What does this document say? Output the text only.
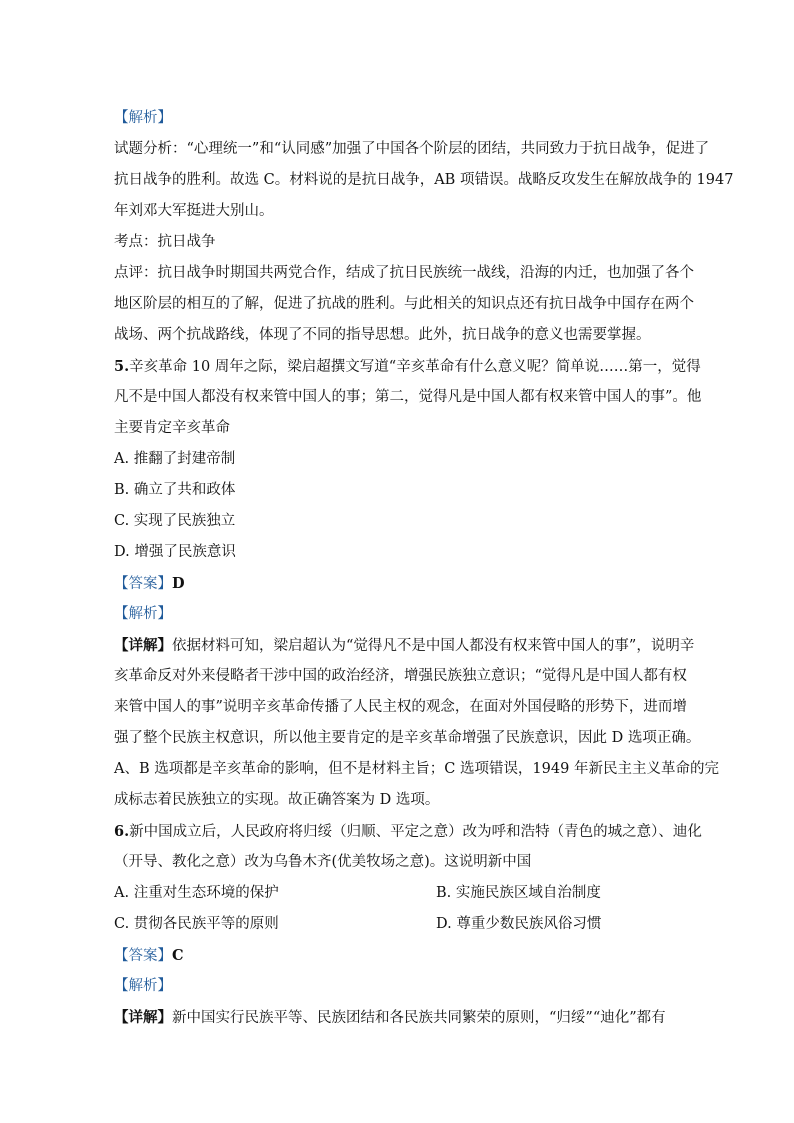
【解析】

试题分析：“心理统一”和“认同感”加强了中国各个阶层的团结，共同致力于抗日战争，促进了

抗日战争的胜利。故选 C。材料说的是抗日战争，AB 项错误。战略反攻发生在解放战争的 1947

年刘邓大军挺进大别山。

考点：抗日战争

点评：抗日战争时期国共两党合作，结成了抗日民族统一战线，沿海的内迁，也加强了各个

地区阶层的相互的了解，促进了抗战的胜利。与此相关的知识点还有抗日战争中国存在两个

战场、两个抗战路线，体现了不同的指导思想。此外，抗日战争的意义也需要掌握。

5.辛亥革命 10 周年之际，梁启超撰文写道“辛亥革命有什么意义呢？简单说……第一，觉得

凡不是中国人都没有权来管中国人的事；第二，觉得凡是中国人都有权来管中国人的事”。他

主要肯定辛亥革命

A. 推翻了封建帝制

B. 确立了共和政体

C. 实现了民族独立

D. 增强了民族意识

【答案】D

【解析】

【详解】依据材料可知，梁启超认为“觉得凡不是中国人都没有权来管中国人的事”，说明辛

亥革命反对外来侵略者干涉中国的政治经济，增强民族独立意识；“觉得凡是中国人都有权

来管中国人的事”说明辛亥革命传播了人民主权的观念，在面对外国侵略的形势下，进而增

强了整个民族主权意识，所以他主要肯定的是辛亥革命增强了民族意识，因此 D 选项正确。

A、B 选项都是辛亥革命的影响，但不是材料主旨；C 选项错误，1949 年新民主主义革命的完

成标志着民族独立的实现。故正确答案为 D 选项。

6.新中国成立后，人民政府将归绥（归顺、平定之意）改为呼和浩特（青色的城之意）、迪化

（开导、教化之意）改为乌鲁木齐(优美牧场之意)。这说明新中国

A. 注重对生态环境的保护	B. 实施民族区域自治制度
C. 贯彻各民族平等的原则	D. 尊重少数民族风俗习惯

【答案】C

【解析】

【详解】新中国实行民族平等、民族团结和各民族共同繁荣的原则，“归绥”“迪化”都有
